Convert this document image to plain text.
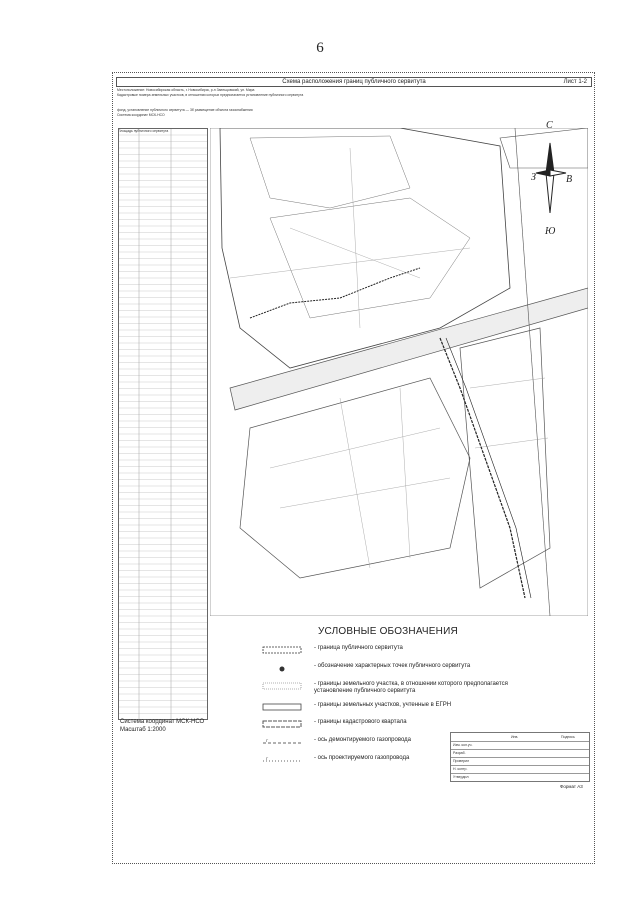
6
Схема расположения границ публичного сервитута	Лист 1-2
Местоположение: Новосибирская область, г. Новосибирск, р-н Заельцовский, ул. Мира
Кадастровые номера земельных участков, в отношении которых предполагается установление публичного сервитута
фонд, установление публичного сервитута — 3б размещение объекта газоснабжения
Система координат МСК-НСО
Площадь публичного сервитута	С
З	В
Ю
УСЛОВНЫЕ ОБОЗНАЧЕНИЯ
- граница публичного сервитута
- обозначение характерных точек публичного сервитута
- границы земельного участка, в отношении которого предполагается
установление публичного сервитута
- границы земельных участков, учтенные в ЕГРН
- границы кадастрового квартала
Г	- ось демонтируемого газопровода
Г	- ось проектируемого газопровода
Система координат МСК-НСО
Масштаб 1:2000
Инв.	Подпись
Изм. кол.уч.
Разраб.
Проверил
Н. контр.
Утвердил
Формат А3
